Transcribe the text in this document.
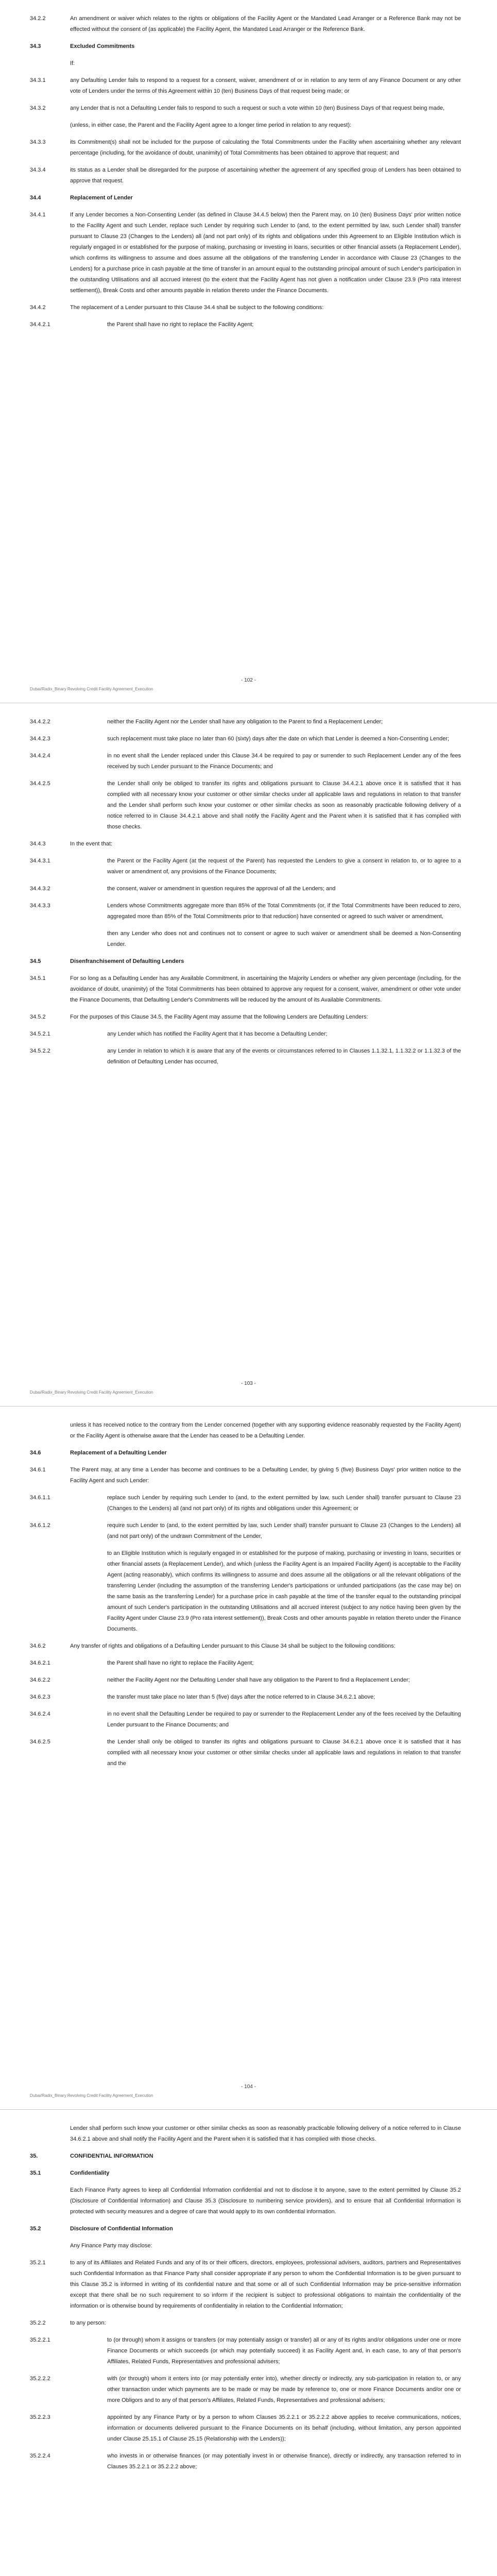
34.2.2	An amendment or waiver which relates to the rights or obligations of the Facility Agent or the Mandated Lead Arranger or a Reference Bank may not be effected without the consent of (as applicable) the Facility Agent, the Mandated Lead Arranger or the Reference Bank.
34.3	Excluded Commitments
If:
34.3.1	any Defaulting Lender fails to respond to a request for a consent, waiver, amendment of or in relation to any term of any Finance Document or any other vote of Lenders under the terms of this Agreement within 10 (ten) Business Days of that request being made; or
34.3.2	any Lender that is not a Defaulting Lender fails to respond to such a request or such a vote within 10 (ten) Business Days of that request being made,
(unless, in either case, the Parent and the Facility Agent agree to a longer time period in relation to any request):
34.3.3	its Commitment(s) shall not be included for the purpose of calculating the Total Commitments under the Facility when ascertaining whether any relevant percentage (including, for the avoidance of doubt, unanimity) of Total Commitments has been obtained to approve that request; and
34.3.4	its status as a Lender shall be disregarded for the purpose of ascertaining whether the agreement of any specified group of Lenders has been obtained to approve that request.
34.4	Replacement of Lender
34.4.1	If any Lender becomes a Non-Consenting Lender (as defined in Clause 34.4.5 below) then the Parent may, on 10 (ten) Business Days' prior written notice to the Facility Agent and such Lender, replace such Lender by requiring such Lender to (and, to the extent permitted by law, such Lender shall) transfer pursuant to Clause 23 (Changes to the Lenders) all (and not part only) of its rights and obligations under this Agreement to an Eligible Institution which is regularly engaged in or established for the purpose of making, purchasing or investing in loans, securities or other financial assets (a Replacement Lender), which confirms its willingness to assume and does assume all the obligations of the transferring Lender in accordance with Clause 23 (Changes to the Lenders) for a purchase price in cash payable at the time of transfer in an amount equal to the outstanding principal amount of such Lender's participation in the outstanding Utilisations and all accrued interest (to the extent that the Facility Agent has not given a notification under Clause 23.9 (Pro rata interest settlement)), Break Costs and other amounts payable in relation thereto under the Finance Documents.
34.4.2	The replacement of a Lender pursuant to this Clause 34.4 shall be subject to the following conditions:
34.4.2.1	the Parent shall have no right to replace the Facility Agent;
- 102 -
Dubai/Radix_Binary Revolving Credit Facility Agreement_Execution
34.4.2.2	neither the Facility Agent nor the Lender shall have any obligation to the Parent to find a Replacement Lender;
34.4.2.3	such replacement must take place no later than 60 (sixty) days after the date on which that Lender is deemed a Non-Consenting Lender;
34.4.2.4	in no event shall the Lender replaced under this Clause 34.4 be required to pay or surrender to such Replacement Lender any of the fees received by such Lender pursuant to the Finance Documents; and
34.4.2.5	the Lender shall only be obliged to transfer its rights and obligations pursuant to Clause 34.4.2.1 above once it is satisfied that it has complied with all necessary know your customer or other similar checks under all applicable laws and regulations in relation to that transfer and the Lender shall perform such know your customer or other similar checks as soon as reasonably practicable following delivery of a notice referred to in Clause 34.4.2.1 above and shall notify the Facility Agent and the Parent when it is satisfied that it has complied with those checks.
34.4.3	In the event that:
34.4.3.1	the Parent or the Facility Agent (at the request of the Parent) has requested the Lenders to give a consent in relation to, or to agree to a waiver or amendment of, any provisions of the Finance Documents;
34.4.3.2	the consent, waiver or amendment in question requires the approval of all the Lenders; and
34.4.3.3	Lenders whose Commitments aggregate more than 85% of the Total Commitments (or, if the Total Commitments have been reduced to zero, aggregated more than 85% of the Total Commitments prior to that reduction) have consented or agreed to such waiver or amendment,
then any Lender who does not and continues not to consent or agree to such waiver or amendment shall be deemed a Non-Consenting Lender.
34.5	Disenfranchisement of Defaulting Lenders
34.5.1	For so long as a Defaulting Lender has any Available Commitment, in ascertaining the Majority Lenders or whether any given percentage (including, for the avoidance of doubt, unanimity) of the Total Commitments has been obtained to approve any request for a consent, waiver, amendment or other vote under the Finance Documents, that Defaulting Lender's Commitments will be reduced by the amount of its Available Commitments.
34.5.2	For the purposes of this Clause 34.5, the Facility Agent may assume that the following Lenders are Defaulting Lenders:
34.5.2.1	any Lender which has notified the Facility Agent that it has become a Defaulting Lender;
34.5.2.2	any Lender in relation to which it is aware that any of the events or circumstances referred to in Clauses 1.1.32.1, 1.1.32.2 or 1.1.32.3 of the definition of Defaulting Lender has occurred,
- 103 -
Dubai/Radix_Binary Revolving Credit Facility Agreement_Execution
unless it has received notice to the contrary from the Lender concerned (together with any supporting evidence reasonably requested by the Facility Agent) or the Facility Agent is otherwise aware that the Lender has ceased to be a Defaulting Lender.
34.6	Replacement of a Defaulting Lender
34.6.1	The Parent may, at any time a Lender has become and continues to be a Defaulting Lender, by giving 5 (five) Business Days' prior written notice to the Facility Agent and such Lender:
34.6.1.1	replace such Lender by requiring such Lender to (and, to the extent permitted by law, such Lender shall) transfer pursuant to Clause 23 (Changes to the Lenders) all (and not part only) of its rights and obligations under this Agreement; or
34.6.1.2	require such Lender to (and, to the extent permitted by law, such Lender shall) transfer pursuant to Clause 23 (Changes to the Lenders) all (and not part only) of the undrawn Commitment of the Lender,
to an Eligible Institution which is regularly engaged in or established for the purpose of making, purchasing or investing in loans, securities or other financial assets (a Replacement Lender), and which (unless the Facility Agent is an Impaired Facility Agent) is acceptable to the Facility Agent (acting reasonably), which confirms its willingness to assume and does assume all the obligations or all the relevant obligations of the transferring Lender (including the assumption of the transferring Lender's participations or unfunded participations (as the case may be) on the same basis as the transferring Lender) for a purchase price in cash payable at the time of the transfer equal to the outstanding principal amount of such Lender's participation in the outstanding Utilisations and all accrued interest (subject to any notice having been given by the Facility Agent under Clause 23.9 (Pro rata interest settlement)), Break Costs and other amounts payable in relation thereto under the Finance Documents.
34.6.2	Any transfer of rights and obligations of a Defaulting Lender pursuant to this Clause 34 shall be subject to the following conditions:
34.6.2.1	the Parent shall have no right to replace the Facility Agent;
34.6.2.2	neither the Facility Agent nor the Defaulting Lender shall have any obligation to the Parent to find a Replacement Lender;
34.6.2.3	the transfer must take place no later than 5 (five) days after the notice referred to in Clause 34.6.2.1 above;
34.6.2.4	in no event shall the Defaulting Lender be required to pay or surrender to the Replacement Lender any of the fees received by the Defaulting Lender pursuant to the Finance Documents; and
34.6.2.5	the Lender shall only be obliged to transfer its rights and obligations pursuant to Clause 34.6.2.1 above once it is satisfied that it has complied with all necessary know your customer or other similar checks under all applicable laws and regulations in relation to that transfer and the
- 104 -
Dubai/Radix_Binary Revolving Credit Facility Agreement_Execution
Lender shall perform such know your customer or other similar checks as soon as reasonably practicable following delivery of a notice referred to in Clause 34.6.2.1 above and shall notify the Facility Agent and the Parent when it is satisfied that it has complied with those checks.
35.	CONFIDENTIAL INFORMATION
35.1	Confidentiality
Each Finance Party agrees to keep all Confidential Information confidential and not to disclose it to anyone, save to the extent permitted by Clause 35.2 (Disclosure of Confidential Information) and Clause 35.3 (Disclosure to numbering service providers), and to ensure that all Confidential Information is protected with security measures and a degree of care that would apply to its own confidential information.
35.2	Disclosure of Confidential Information
Any Finance Party may disclose:
35.2.1	to any of its Affiliates and Related Funds and any of its or their officers, directors, employees, professional advisers, auditors, partners and Representatives such Confidential Information as that Finance Party shall consider appropriate if any person to whom the Confidential Information is to be given pursuant to this Clause 35.2 is informed in writing of its confidential nature and that some or all of such Confidential Information may be price-sensitive information except that there shall be no such requirement to so inform if the recipient is subject to professional obligations to maintain the confidentiality of the information or is otherwise bound by requirements of confidentiality in relation to the Confidential Information;
35.2.2	to any person:
35.2.2.1	to (or through) whom it assigns or transfers (or may potentially assign or transfer) all or any of its rights and/or obligations under one or more Finance Documents or which succeeds (or which may potentially succeed) it as Facility Agent and, in each case, to any of that person's Affiliates, Related Funds, Representatives and professional advisers;
35.2.2.2	with (or through) whom it enters into (or may potentially enter into), whether directly or indirectly, any sub-participation in relation to, or any other transaction under which payments are to be made or may be made by reference to, one or more Finance Documents and/or one or more Obligors and to any of that person's Affiliates, Related Funds, Representatives and professional advisers;
35.2.2.3	appointed by any Finance Party or by a person to whom Clauses 35.2.2.1 or 35.2.2.2 above applies to receive communications, notices, information or documents delivered pursuant to the Finance Documents on its behalf (including, without limitation, any person appointed under Clause 25.15.1 of Clause 25.15 (Relationship with the Lenders));
35.2.2.4	who invests in or otherwise finances (or may potentially invest in or otherwise finance), directly or indirectly, any transaction referred to in Clauses 35.2.2.1 or 35.2.2.2 above;
